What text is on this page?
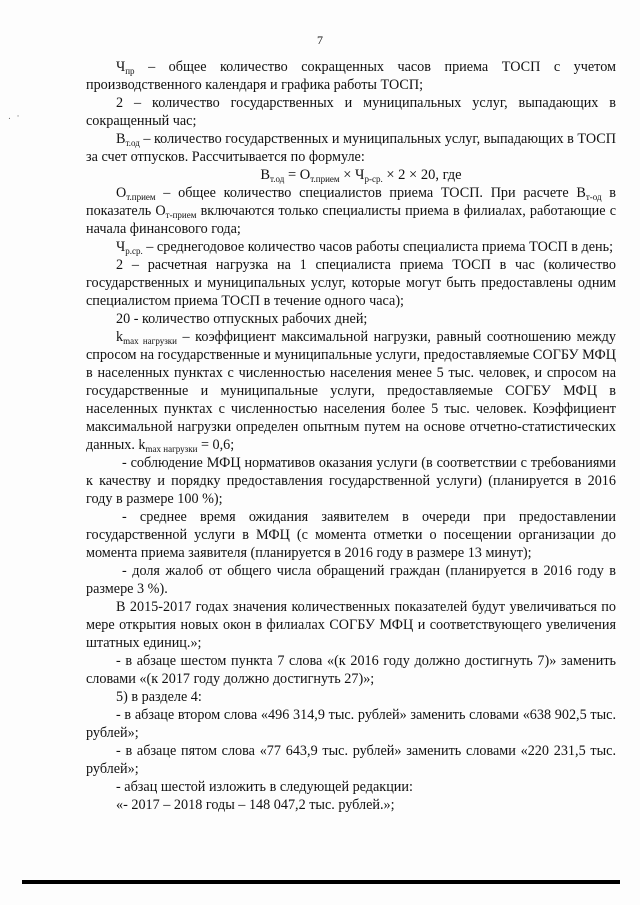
7
.  ·

$Ч_{пр}$ – общее количество сокращенных часов приема ТОСП с учетом производственного календаря и графика работы ТОСП;

2 – количество государственных и муниципальных услуг, выпадающих в сокращенный час;

$В_{т.од}$ – количество государственных и муниципальных услуг, выпадающих в ТОСП за счет отпусков. Рассчитывается по формуле:

$В_{т.од} = О_{т.прием} \times Ч_{р-ср.} \times 2 \times 20$, где

$О_{т.прием}$ – общее количество специалистов приема ТОСП. При расчете $В_{т-од}$ в показатель $О_{т-прием}$ включаются только специалисты приема в филиалах, работающие с начала финансового года;

$Ч_{р.ср.}$ – среднегодовое количество часов работы специалиста приема ТОСП в день;

2 – расчетная нагрузка на 1 специалиста приема ТОСП в час (количество государственных и муниципальных услуг, которые могут быть предоставлены одним специалистом приема ТОСП в течение одного часа);

20 - количество отпускных рабочих дней;

$k_{max нагрузки}$ – коэффициент максимальной нагрузки, равный соотношению между спросом на государственные и муниципальные услуги, предоставляемые СОГБУ МФЦ в населенных пунктах с численностью населения менее 5 тыс. человек, и спросом на государственные и муниципальные услуги, предоставляемые СОГБУ МФЦ в населенных пунктах с численностью населения более 5 тыс. человек. Коэффициент максимальной нагрузки определен опытным путем на основе отчетно-статистических данных. $k_{max нагрузки} = 0,6$;

- соблюдение МФЦ нормативов оказания услуги (в соответствии с требованиями к качеству и порядку предоставления государственной услуги) (планируется в 2016 году в размере 100 %);

- среднее время ожидания заявителем в очереди при предоставлении государственной услуги в МФЦ (с момента отметки о посещении организации до момента приема заявителя (планируется в 2016 году в размере 13 минут);

- доля жалоб от общего числа обращений граждан (планируется в 2016 году в размере 3 %).

В 2015-2017 годах значения количественных показателей будут увеличиваться по мере открытия новых окон в филиалах СОГБУ МФЦ и соответствующего увеличения штатных единиц.»;

- в абзаце шестом пункта 7 слова «(к 2016 году должно достигнуть 7)» заменить словами «(к 2017 году должно достигнуть 27)»;

5) в разделе 4:

- в абзаце втором слова «496 314,9 тыс. рублей» заменить словами «638 902,5 тыс. рублей»;

- в абзаце пятом слова «77 643,9 тыс. рублей» заменить словами «220 231,5 тыс. рублей»;

- абзац шестой изложить в следующей редакции:

«- 2017 – 2018 годы – 148 047,2 тыс. рублей.»;
